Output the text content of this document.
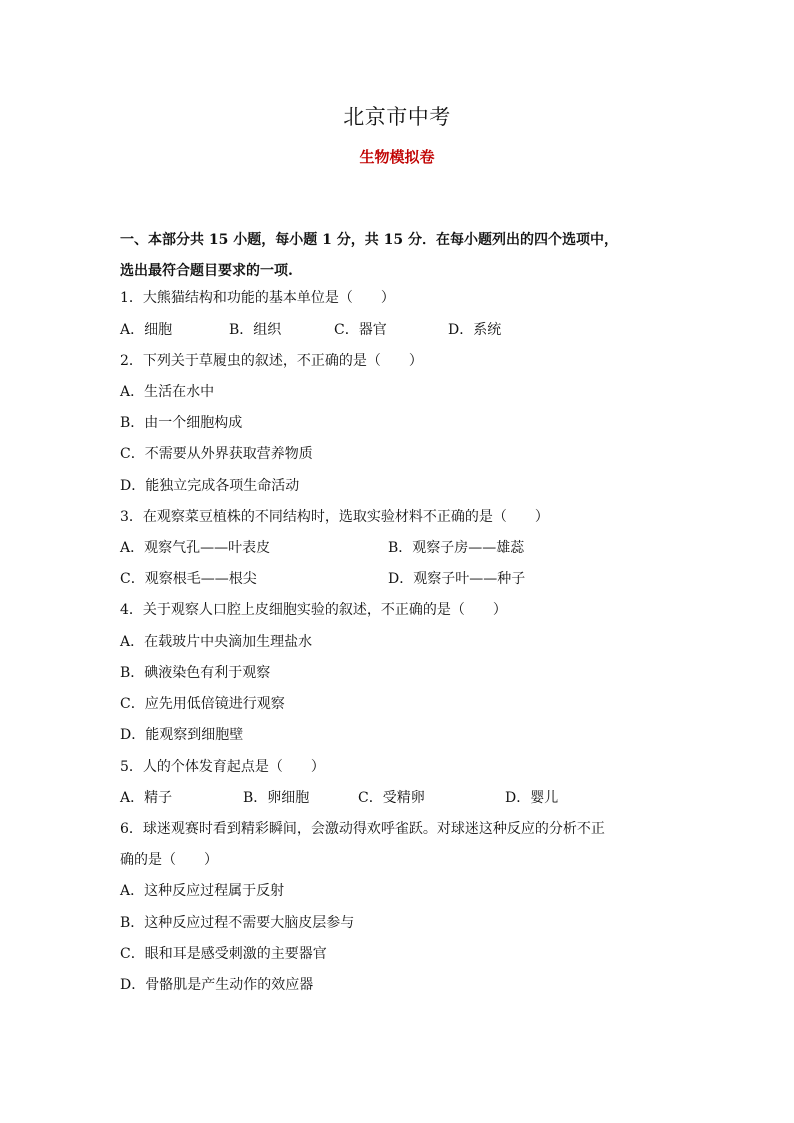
北京市中考
生物模拟卷
一、本部分共 15 小题，每小题 1 分，共 15 分．在每小题列出的四个选项中，
选出最符合题目要求的一项.
1．大熊猫结构和功能的基本单位是（　　）
A．细胞	B．组织	C．器官	D．系统
2．下列关于草履虫的叙述，不正确的是（　　）
A．生活在水中
B．由一个细胞构成
C．不需要从外界获取营养物质
D．能独立完成各项生命活动
3．在观察菜豆植株的不同结构时，选取实验材料不正确的是（　　）
A．观察气孔——叶表皮	B．观察子房——雄蕊
C．观察根毛——根尖	D．观察子叶——种子
4．关于观察人口腔上皮细胞实验的叙述，不正确的是（　　）
A．在载玻片中央滴加生理盐水
B．碘液染色有利于观察
C．应先用低倍镜进行观察
D．能观察到细胞壁
5．人的个体发育起点是（　　）
A．精子	B．卵细胞	C．受精卵	D．婴儿
6．球迷观赛时看到精彩瞬间，会激动得欢呼雀跃。对球迷这种反应的分析不正
确的是（　　）
A．这种反应过程属于反射
B．这种反应过程不需要大脑皮层参与
C．眼和耳是感受刺激的主要器官
D．骨骼肌是产生动作的效应器
